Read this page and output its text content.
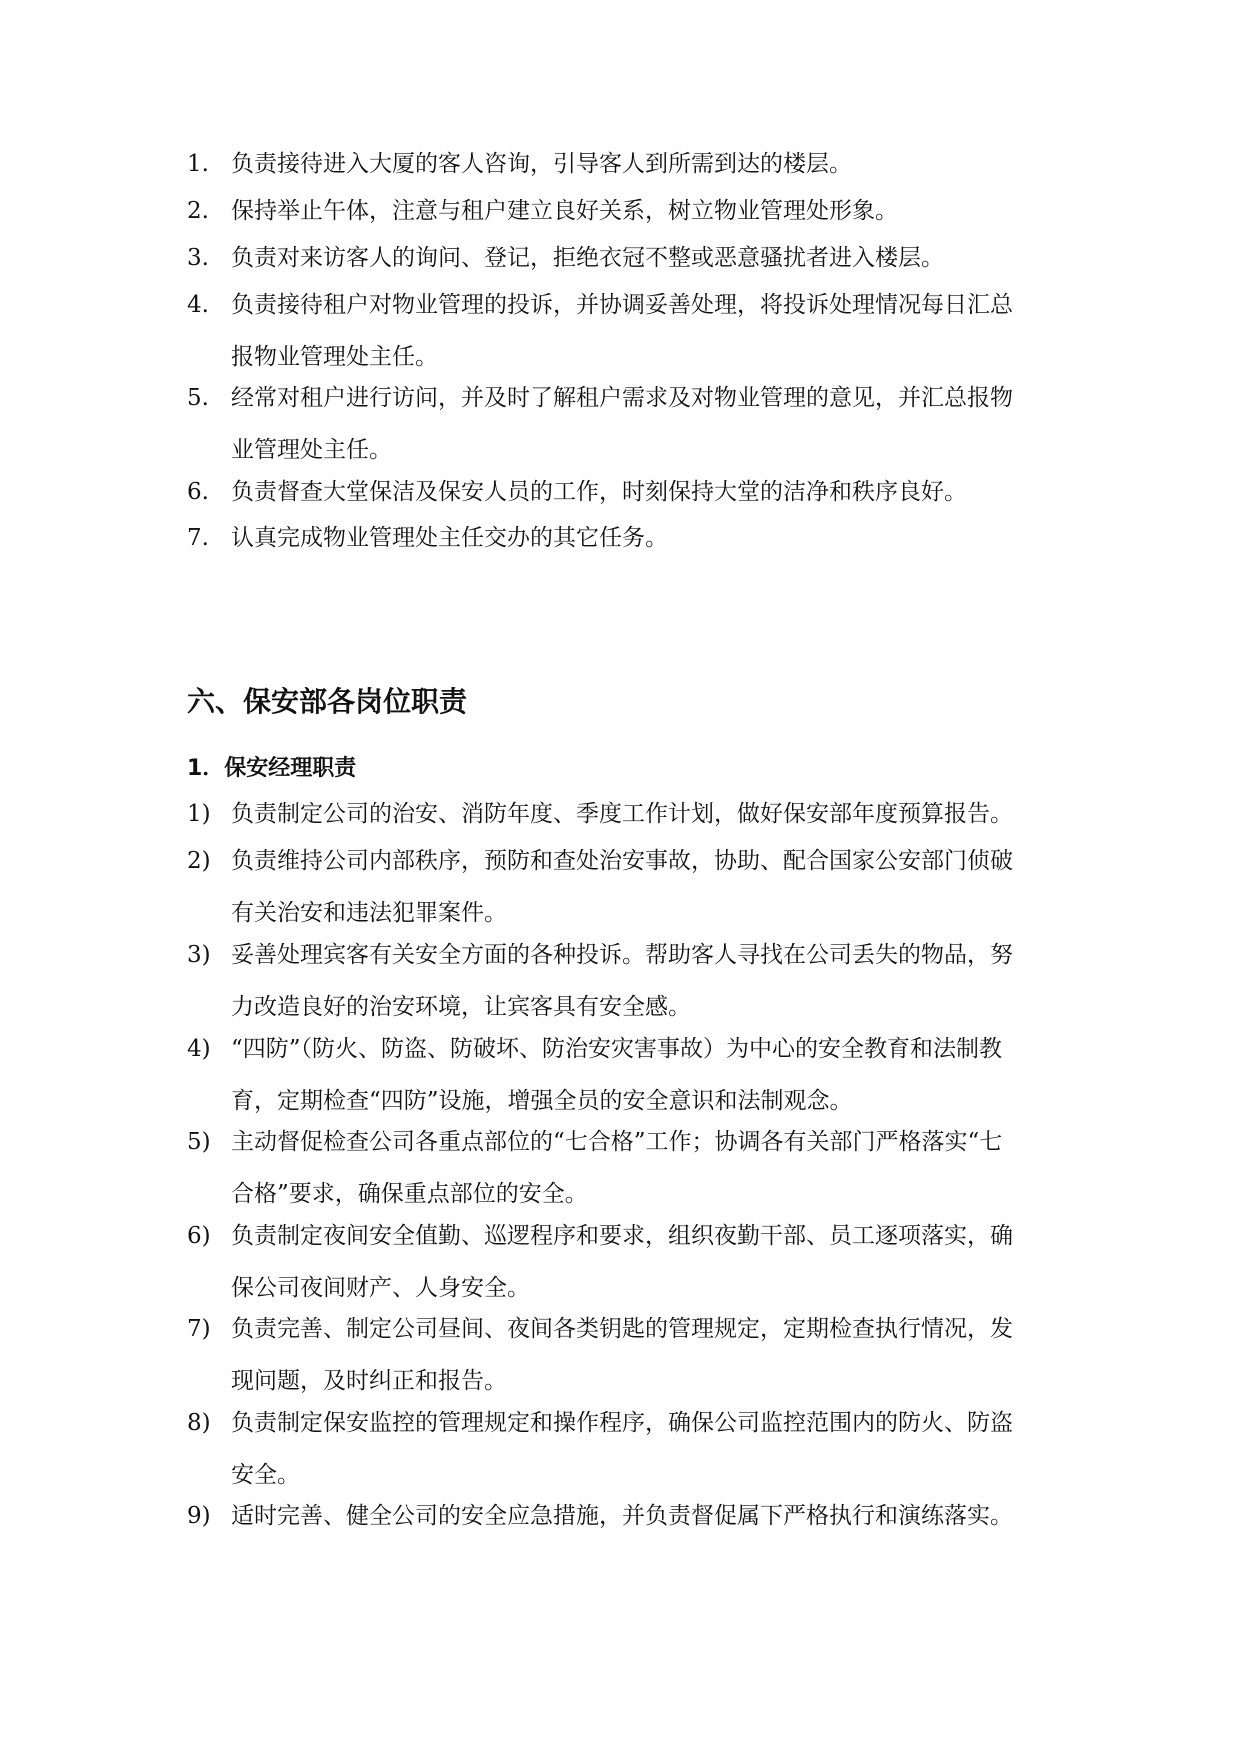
1. 负责接待进入大厦的客人咨询，引导客人到所需到达的楼层。
2. 保持举止午体，注意与租户建立良好关系，树立物业管理处形象。
3. 负责对来访客人的询问、登记，拒绝衣冠不整或恶意骚扰者进入楼层。
4. 负责接待租户对物业管理的投诉，并协调妥善处理，将投诉处理情况每日汇总
报物业管理处主任。
5. 经常对租户进行访问，并及时了解租户需求及对物业管理的意见，并汇总报物
业管理处主任。
6. 负责督查大堂保洁及保安人员的工作，时刻保持大堂的洁净和秩序良好。
7. 认真完成物业管理处主任交办的其它任务。
六、保安部各岗位职责
1．保安经理职责
1) 负责制定公司的治安、消防年度、季度工作计划，做好保安部年度预算报告。
2) 负责维持公司内部秩序，预防和查处治安事故，协助、配合国家公安部门侦破
有关治安和违法犯罪案件。
3) 妥善处理宾客有关安全方面的各种投诉。帮助客人寻找在公司丢失的物品，努
力改造良好的治安环境，让宾客具有安全感。
4) “四防”（防火、防盗、防破坏、防治安灾害事故）为中心的安全教育和法制教
育，定期检查“四防”设施，增强全员的安全意识和法制观念。
5) 主动督促检查公司各重点部位的“七合格”工作；协调各有关部门严格落实“七
合格”要求，确保重点部位的安全。
6) 负责制定夜间安全值勤、巡逻程序和要求，组织夜勤干部、员工逐项落实，确
保公司夜间财产、人身安全。
7) 负责完善、制定公司昼间、夜间各类钥匙的管理规定，定期检查执行情况，发
现问题，及时纠正和报告。
8) 负责制定保安监控的管理规定和操作程序，确保公司监控范围内的防火、防盗
安全。
9) 适时完善、健全公司的安全应急措施，并负责督促属下严格执行和演练落实。
